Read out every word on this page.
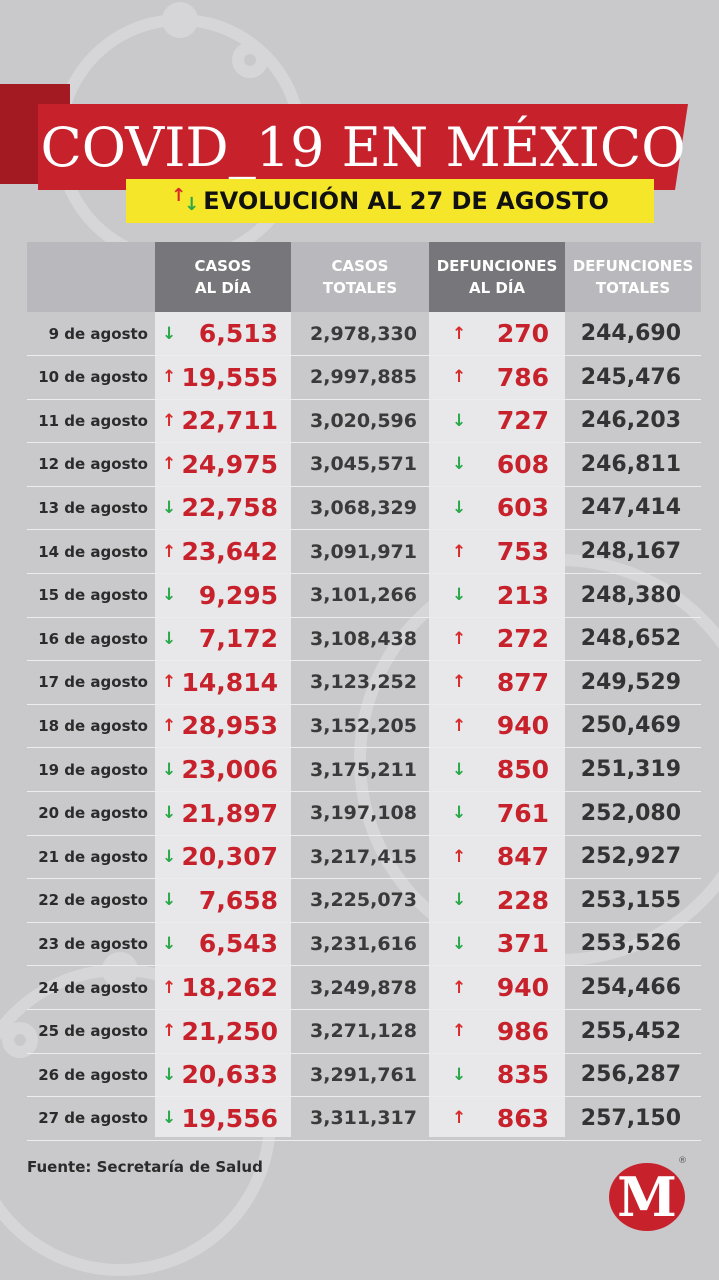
COVID_19 EN MÉXICO
↑
↓ EVOLUCIÓN AL 27 DE AGOSTO
CASOS
AL DÍA
CASOS
TOTALES
DEFUNCIONES
AL DÍA
DEFUNCIONES
TOTALES
9 de agosto ↓ 6,513	2,978,330 ↑	270	244,690
10 de agosto ↑ 19,555	2,997,885 ↑	786	245,476
11 de agosto ↑ 22,711	3,020,596 ↓	727	246,203
12 de agosto ↑ 24,975	3,045,571 ↓	608	246,811
13 de agosto ↓ 22,758	3,068,329 ↓	603	247,414
14 de agosto ↑ 23,642	3,091,971 ↑	753	248,167
15 de agosto ↓ 9,295	3,101,266 ↓	213	248,380
16 de agosto ↓ 7,172	3,108,438 ↑	272	248,652
17 de agosto ↑ 14,814	3,123,252 ↑	877	249,529
18 de agosto ↑ 28,953	3,152,205 ↑	940	250,469
19 de agosto ↓ 23,006	3,175,211 ↓	850	251,319
20 de agosto ↓ 21,897	3,197,108 ↓	761	252,080
21 de agosto ↓ 20,307	3,217,415 ↑	847	252,927
22 de agosto ↓ 7,658	3,225,073 ↓	228	253,155
23 de agosto ↓ 6,543	3,231,616 ↓	371	253,526
24 de agosto ↑ 18,262	3,249,878 ↑	940	254,466
25 de agosto ↑ 21,250	3,271,128 ↑	986	255,452
26 de agosto ↓ 20,633	3,291,761 ↓	835	256,287
27 de agosto ↓ 19,556	3,311,317 ↑	863	257,150
Fuente: Secretaría de Salud	M
®
